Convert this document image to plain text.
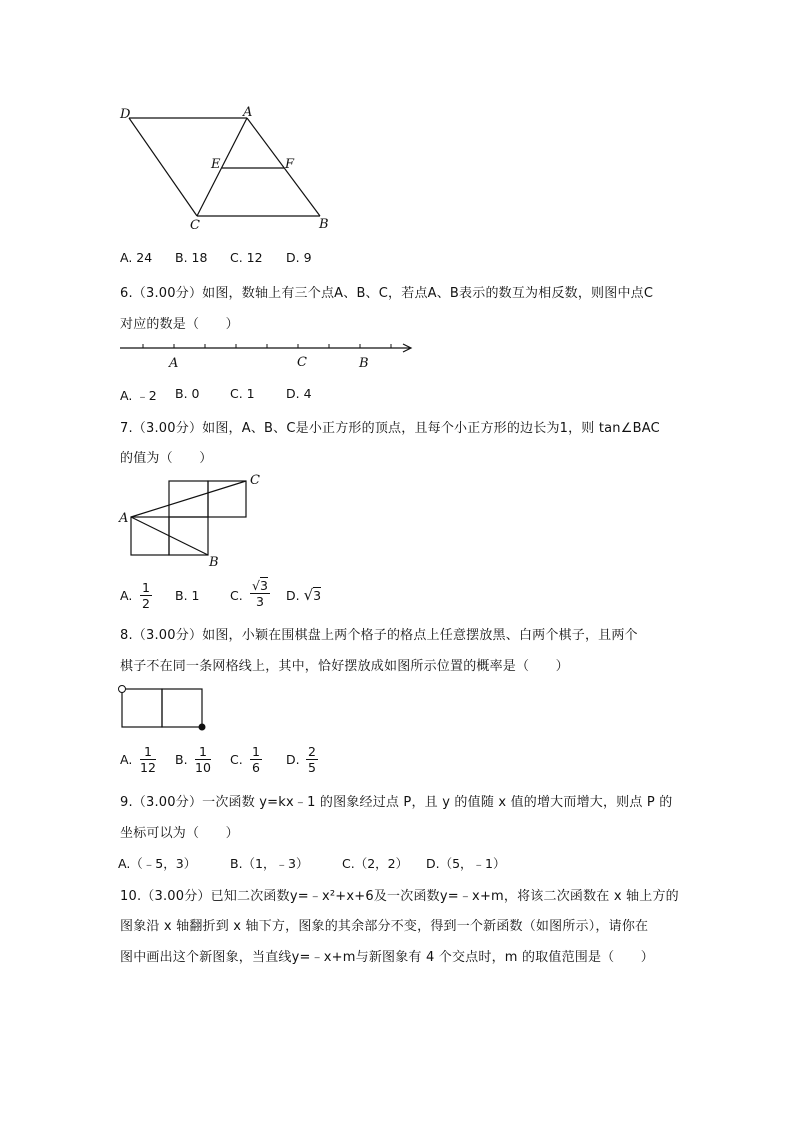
D	A
E	F
C	B
A. 24 B. 18 C. 12 D. 9
6.（3.00分）如图，数轴上有三个点A、B、C，若点A、B表示的数互为相反数，则图中点C
对应的数是（　　）
A	C	B
A. ﹣2 B. 0 C. 1	D. 4
7.（3.00分）如图，A、B、C是小正方形的顶点，且每个小正方形的边长为1，则 tan∠BAC
的值为（　　）
A
C
B
A. $\frac{1}{2} B$. 1 C. $\frac{√3}{3} D$. √3
8.（3.00分）如图，小颖在围棋盘上两个格子的格点上任意摆放黑、白两个棋子，且两个
棋子不在同一条网格线上，其中，恰好摆放成如图所示位置的概率是（　　）
A. $\frac{1}{12} B$. $\frac{1}{10} C$. $\frac{1}{6} D$. $\frac{2}{5}$
9.（3.00分）一次函数 y=kx﹣1 的图象经过点 P，且 y 的值随 x 值的增大而增大，则点 P 的
坐标可以为（　　）
A.（﹣5，3）	B.（1，﹣3）	C.（2，2） D.（5，﹣1）
10.（3.00分）已知二次函数y=﹣x²+x+6及一次函数y=﹣x+m，将该二次函数在 x 轴上方的
图象沿 x 轴翻折到 x 轴下方，图象的其余部分不变，得到一个新函数（如图所示），请你在
图中画出这个新图象，当直线y=﹣x+m与新图象有 4 个交点时，m 的取值范围是（　　）
